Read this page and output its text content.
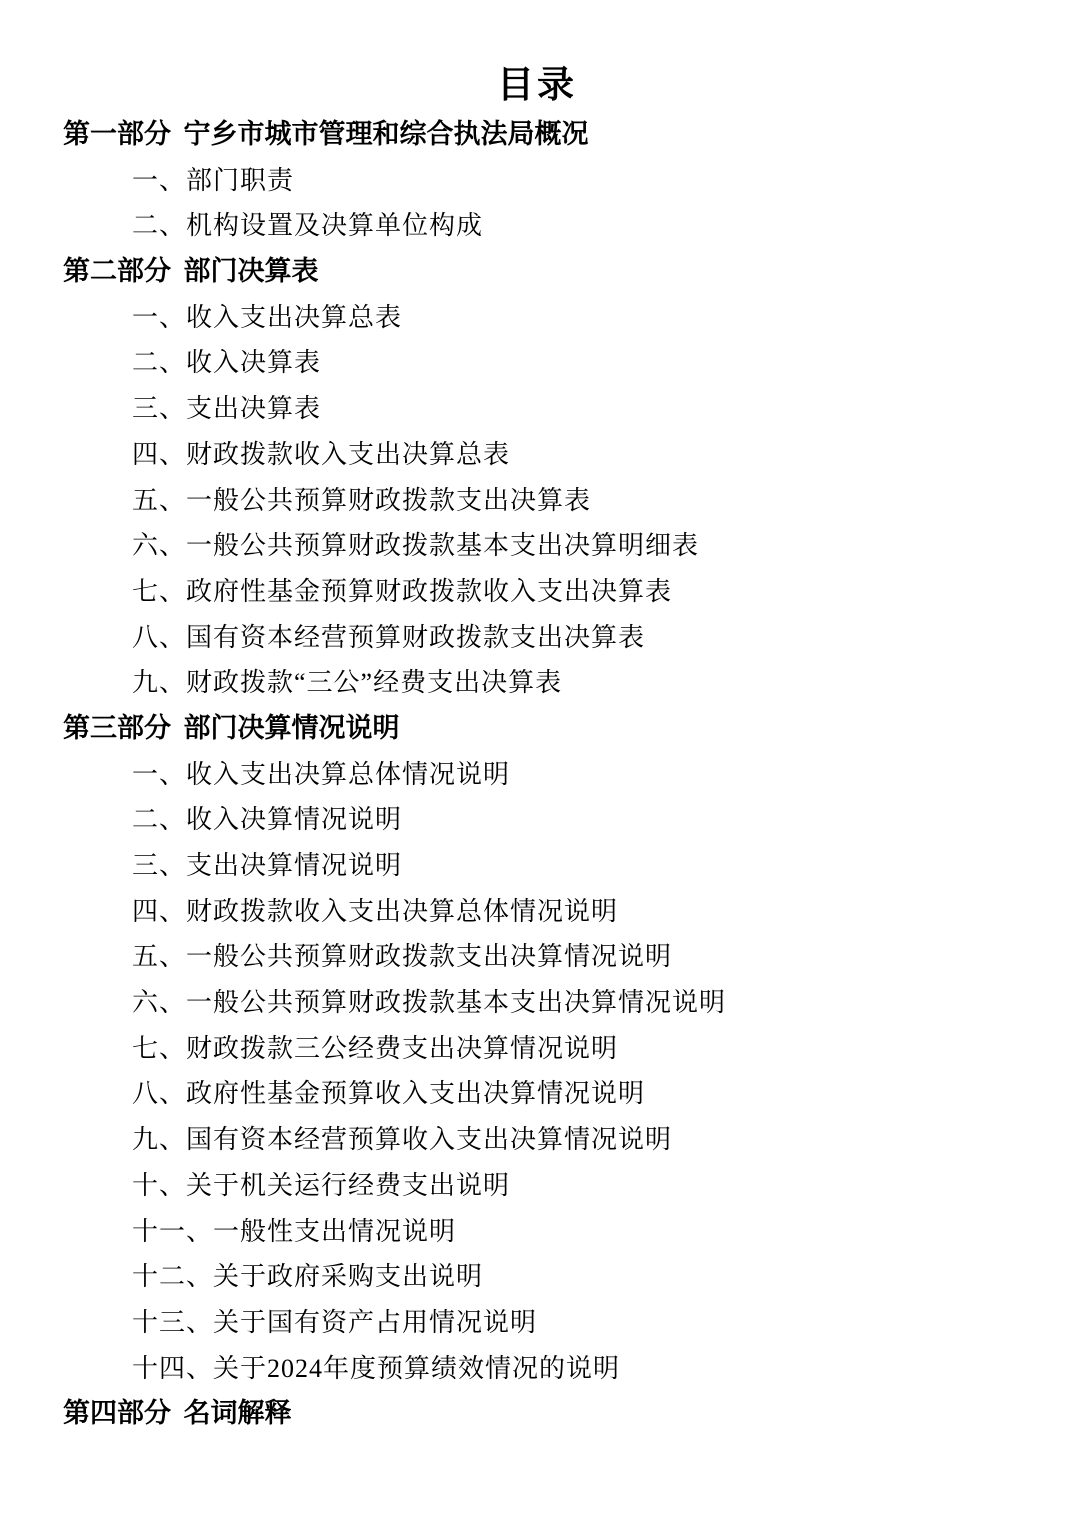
目录
第一部分 宁乡市城市管理和综合执法局概况
一、部门职责
二、机构设置及决算单位构成
第二部分 部门决算表
一、收入支出决算总表
二、收入决算表
三、支出决算表
四、财政拨款收入支出决算总表
五、一般公共预算财政拨款支出决算表
六、一般公共预算财政拨款基本支出决算明细表
七、政府性基金预算财政拨款收入支出决算表
八、国有资本经营预算财政拨款支出决算表
九、财政拨款“三公”经费支出决算表
第三部分 部门决算情况说明
一、收入支出决算总体情况说明
二、收入决算情况说明
三、支出决算情况说明
四、财政拨款收入支出决算总体情况说明
五、一般公共预算财政拨款支出决算情况说明
六、一般公共预算财政拨款基本支出决算情况说明
七、财政拨款三公经费支出决算情况说明
八、政府性基金预算收入支出决算情况说明
九、国有资本经营预算收入支出决算情况说明
十、关于机关运行经费支出说明
十一、一般性支出情况说明
十二、关于政府采购支出说明
十三、关于国有资产占用情况说明
十四、关于2024年度预算绩效情况的说明
第四部分 名词解释
